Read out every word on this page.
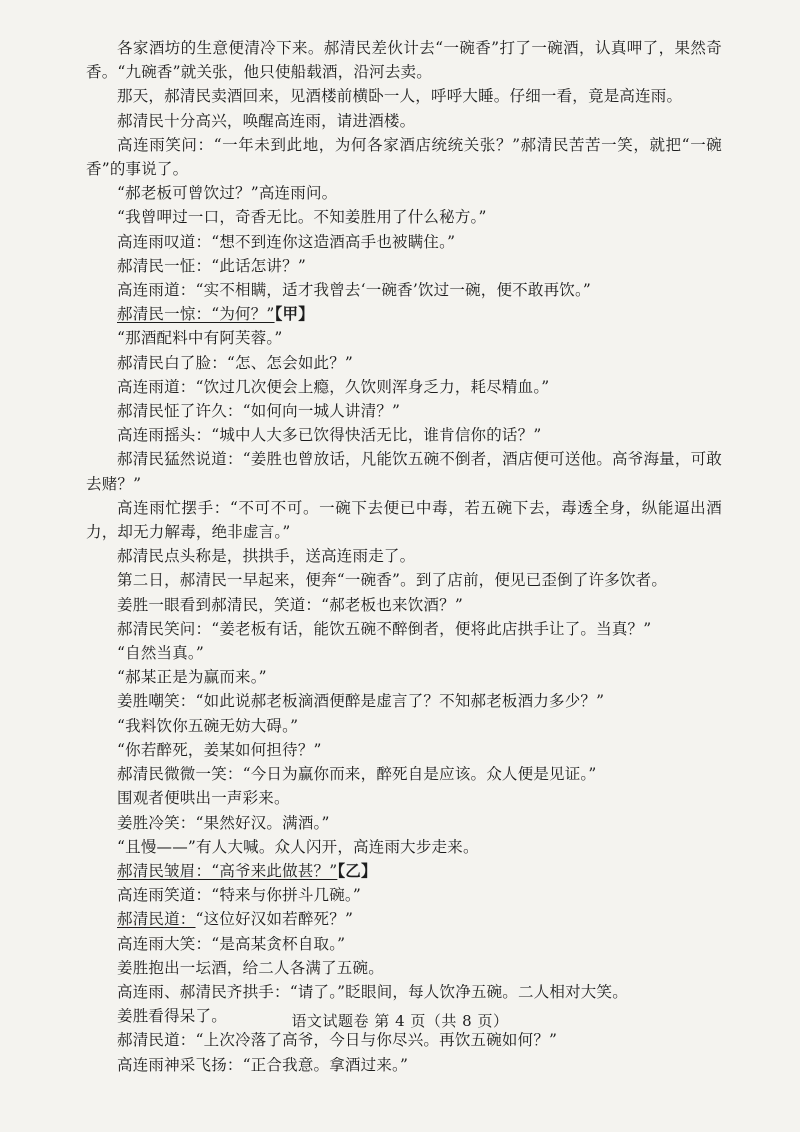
各家酒坊的生意便清冷下来。郝清民差伙计去“一碗香”打了一碗酒，认真呷了，果然奇香。“九碗香”就关张，他只使船载酒，沿河去卖。

那天，郝清民卖酒回来，见酒楼前横卧一人，呼呼大睡。仔细一看，竟是高连雨。

郝清民十分高兴，唤醒高连雨，请进酒楼。

高连雨笑问：“一年未到此地，为何各家酒店统统关张？”郝清民苦苦一笑，就把“一碗香”的事说了。

“郝老板可曾饮过？”高连雨问。

“我曾呷过一口，奇香无比。不知姜胜用了什么秘方。”

高连雨叹道：“想不到连你这造酒高手也被瞒住。”

郝清民一怔：“此话怎讲？”

高连雨道：“实不相瞒，适才我曾去‘一碗香’饮过一碗，便不敢再饮。”

郝清民一惊：“为何？”【甲】

“那酒配料中有阿芙蓉。”

郝清民白了脸：“怎、怎会如此？”

高连雨道：“饮过几次便会上瘾，久饮则浑身乏力，耗尽精血。”

郝清民怔了许久：“如何向一城人讲清？”

高连雨摇头：“城中人大多已饮得快活无比，谁肯信你的话？”

郝清民猛然说道：“姜胜也曾放话，凡能饮五碗不倒者，酒店便可送他。高爷海量，可敢去赌？”

高连雨忙摆手：“不可不可。一碗下去便已中毒，若五碗下去，毒透全身，纵能逼出酒力，却无力解毒，绝非虚言。”

郝清民点头称是，拱拱手，送高连雨走了。

第二日，郝清民一早起来，便奔“一碗香”。到了店前，便见已歪倒了许多饮者。

姜胜一眼看到郝清民，笑道：“郝老板也来饮酒？”

郝清民笑问：“姜老板有话，能饮五碗不醉倒者，便将此店拱手让了。当真？”

“自然当真。”

“郝某正是为赢而来。”

姜胜嘲笑：“如此说郝老板滴酒便醉是虚言了？不知郝老板酒力多少？”

“我料饮你五碗无妨大碍。”

“你若醉死，姜某如何担待？”

郝清民微微一笑：“今日为赢你而来，醉死自是应该。众人便是见证。”

围观者便哄出一声彩来。

姜胜冷笑：“果然好汉。满酒。”

“且慢——”有人大喊。众人闪开，高连雨大步走来。

郝清民皱眉：“高爷来此做甚？”【乙】

高连雨笑道：“特来与你拼斗几碗。”

郝清民道：“这位好汉如若醉死？”

高连雨大笑：“是高某贪杯自取。”

姜胜抱出一坛酒，给二人各满了五碗。

高连雨、郝清民齐拱手：“请了。”眨眼间，每人饮净五碗。二人相对大笑。

姜胜看得呆了。

郝清民道：“上次冷落了高爷，今日与你尽兴。再饮五碗如何？”

高连雨神采飞扬：“正合我意。拿酒过来。”

语文试题卷 第 4 页（共 8 页）
